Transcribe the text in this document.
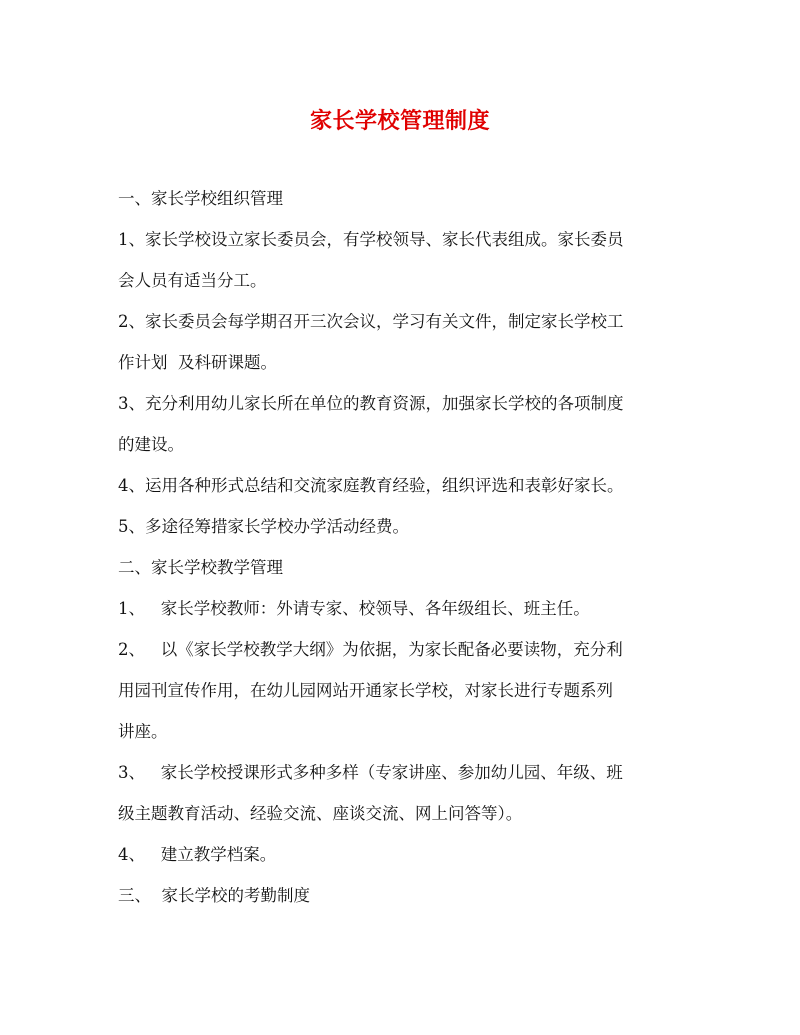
家长学校管理制度
一、家长学校组织管理
1、家长学校设立家长委员会，有学校领导、家长代表组成。家长委员
会人员有适当分工。
2、家长委员会每学期召开三次会议，学习有关文件，制定家长学校工
作计划  及科研课题。
3、充分利用幼儿家长所在单位的教育资源，加强家长学校的各项制度
的建设。
4、运用各种形式总结和交流家庭教育经验，组织评选和表彰好家长。
5、多途径筹措家长学校办学活动经费。
二、家长学校教学管理
1、   家长学校教师：外请专家、校领导、各年级组长、班主任。
2、   以《家长学校教学大纲》为依据，为家长配备必要读物，充分利
用园刊宣传作用，在幼儿园网站开通家长学校，对家长进行专题系列
讲座。
3、   家长学校授课形式多种多样（专家讲座、参加幼儿园、年级、班
级主题教育活动、经验交流、座谈交流、网上问答等）。
4、   建立教学档案。
三、  家长学校的考勤制度
